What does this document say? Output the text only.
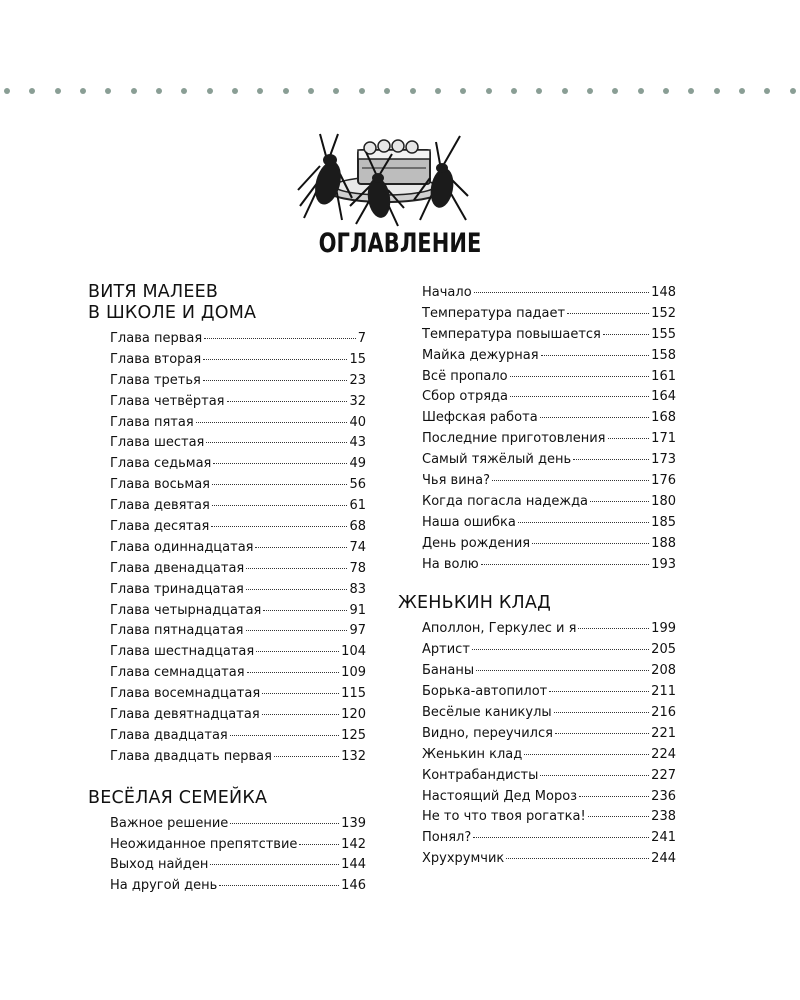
ОГЛАВЛЕНИЕ
ВИТЯ МАЛЕЕВ
В ШКОЛЕ И ДОМА
Глава первая	7
Глава вторая	15
Глава третья	23
Глава четвёртая	32
Глава пятая	40
Глава шестая	43
Глава седьмая	49
Глава восьмая	56
Глава девятая	61
Глава десятая	68
Глава одиннадцатая	74
Глава двенадцатая	78
Глава тринадцатая	83
Глава четырнадцатая	91
Глава пятнадцатая	97
Глава шестнадцатая	104
Глава семнадцатая	109
Глава восемнадцатая	115
Глава девятнадцатая	120
Глава двадцатая	125
Глава двадцать первая	132
ВЕСЁЛАЯ СЕМЕЙКА
Важное решение	139
Неожиданное препятствие	142
Выход найден	144
На другой день	146
Начало	148
Температура падает	152
Температура повышается	155
Майка дежурная	158
Всё пропало	161
Сбор отряда	164
Шефская работа	168
Последние приготовления	171
Самый тяжёлый день	173
Чья вина?	176
Когда погасла надежда	180
Наша ошибка	185
День рождения	188
На волю	193
ЖЕНЬКИН КЛАД
Аполлон, Геркулес и я	199
Артист	205
Бананы	208
Борька-автопилот	211
Весёлые каникулы	216
Видно, переучился	221
Женькин клад	224
Контрабандисты	227
Настоящий Дед Мороз	236
Не то что твоя рогатка!	238
Понял?	241
Хрухрумчик	244
